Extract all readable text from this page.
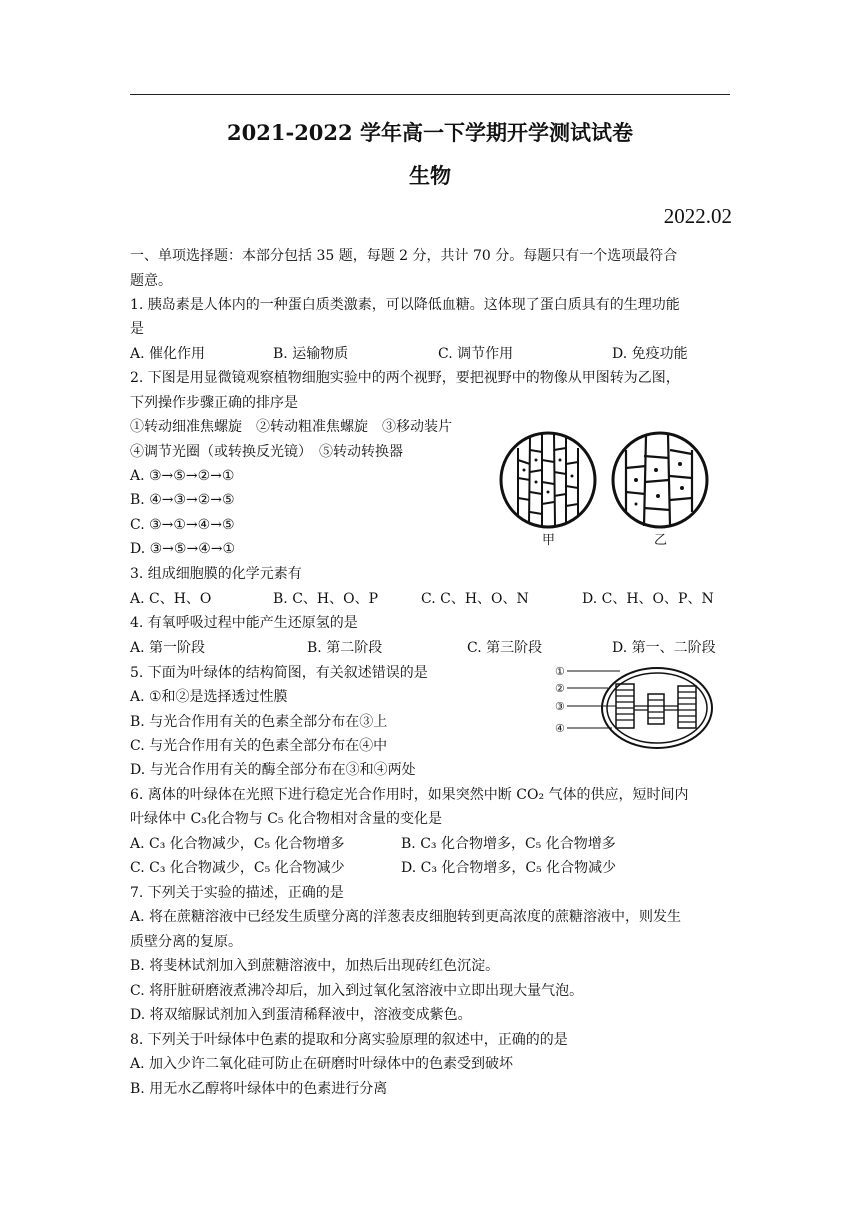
2021-2022 学年高一下学期开学测试试卷
生物
2022.02
一、单项选择题：本部分包括 35 题，每题 2 分，共计 70 分。每题只有一个选项最符合
题意。
1. 胰岛素是人体内的一种蛋白质类激素，可以降低血糖。这体现了蛋白质具有的生理功能
是
A. 催化作用	B. 运输物质	C. 调节作用	D. 免疫功能
2. 下图是用显微镜观察植物细胞实验中的两个视野，要把视野中的物像从甲图转为乙图，
下列操作步骤正确的排序是
①转动细准焦螺旋　②转动粗准焦螺旋　③移动装片
④调节光圈（或转换反光镜）　⑤转动转换器
A. ③→⑤→②→①
B. ④→③→②→⑤
C. ③→①→④→⑤
D. ③→⑤→④→①
甲	乙
3. 组成细胞膜的化学元素有
A. C、H、O	B. C、H、O、P	C. C、H、O、N	D. C、H、O、P、N
4. 有氧呼吸过程中能产生还原氢的是
A. 第一阶段	B. 第二阶段	C. 第三阶段	D. 第一、二阶段
5. 下面为叶绿体的结构简图，有关叙述错误的是
A. ①和②是选择透过性膜
B. 与光合作用有关的色素全部分布在③上
C. 与光合作用有关的色素全部分布在④中
D. 与光合作用有关的酶全部分布在③和④两处
①
②
③
④
6. 离体的叶绿体在光照下进行稳定光合作用时，如果突然中断 CO₂ 气体的供应，短时间内
叶绿体中 C₃化合物与 C₅ 化合物相对含量的变化是
A. C₃ 化合物减少，C₅ 化合物增多	B. C₃ 化合物增多，C₅ 化合物增多
C. C₃ 化合物减少，C₅ 化合物减少	D. C₃ 化合物增多，C₅ 化合物减少
7. 下列关于实验的描述，正确的是
A. 将在蔗糖溶液中已经发生质壁分离的洋葱表皮细胞转到更高浓度的蔗糖溶液中，则发生
质壁分离的复原。
B. 将斐林试剂加入到蔗糖溶液中，加热后出现砖红色沉淀。
C. 将肝脏研磨液煮沸冷却后，加入到过氧化氢溶液中立即出现大量气泡。
D. 将双缩脲试剂加入到蛋清稀释液中，溶液变成紫色。
8. 下列关于叶绿体中色素的提取和分离实验原理的叙述中，正确的的是
A. 加入少许二氧化硅可防止在研磨时叶绿体中的色素受到破坏
B. 用无水乙醇将叶绿体中的色素进行分离
